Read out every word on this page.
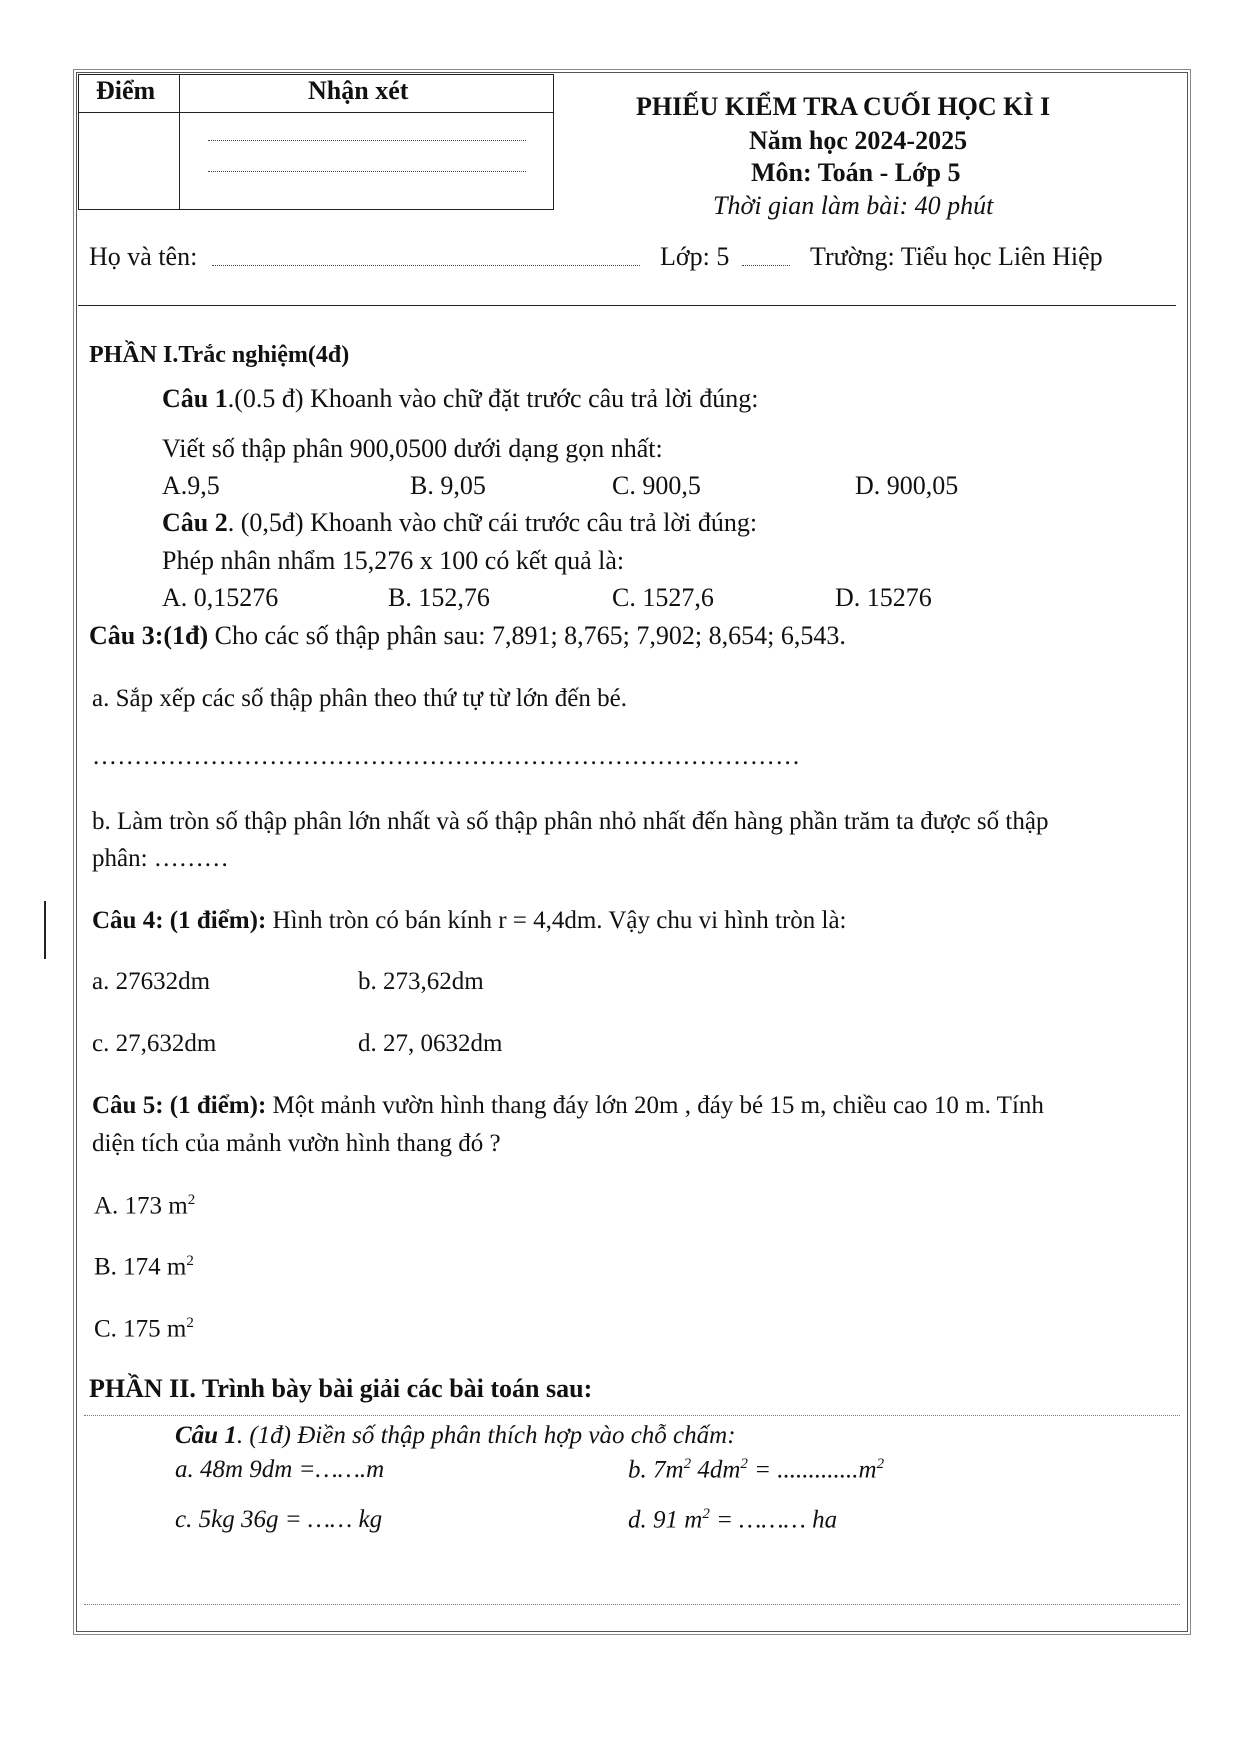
Điểm	Nhận xét
PHIẾU KIỂM TRA CUỐI HỌC KÌ I
Năm học 2024-2025
Môn: Toán - Lớp 5
Thời gian làm bài: 40 phút
Họ và tên:	Lớp: 5	Trường: Tiểu học Liên Hiệp
PHẦN I.Trắc nghiệm(4đ)
Câu 1.(0.5 đ) Khoanh vào chữ đặt trước câu trả lời đúng:
Viết số thập phân 900,0500 dưới dạng gọn nhất:
A.9,5	B. 9,05	C. 900,5	D. 900,05
Câu 2. (0,5đ) Khoanh vào chữ cái trước câu trả lời đúng:
Phép nhân nhẩm 15,276 x 100 có kết quả là:
A. 0,15276	B. 152,76	C. 1527,6	D. 15276
Câu 3:(1đ) Cho các số thập phân sau: 7,891; 8,765; 7,902; 8,654; 6,543.
a. Sắp xếp các số thập phân theo thứ tự từ lớn đến bé.
…………………………………………………………………………
b. Làm tròn số thập phân lớn nhất và số thập phân nhỏ nhất đến hàng phần trăm ta được số thập
phân: ………
Câu 4: (1 điểm): Hình tròn có bán kính r = 4,4dm. Vậy chu vi hình tròn là:
a. 27632dm	b. 273,62dm
c. 27,632dm	d. 27, 0632dm
Câu 5: (1 điểm): Một mảnh vườn hình thang đáy lớn 20m , đáy bé 15 m, chiều cao 10 m. Tính
diện tích của mảnh vườn hình thang đó ?
A. 173 $m^2$
B. 174 $m^2$
C. 175 $m^2$
PHẦN II. Trình bày bài giải các bài toán sau:
Câu 1. (1đ) Điền số thập phân thích hợp vào chỗ chấm:
a. 48m 9dm =…….m	b. $7m^2$ $4dm^2 = .............m^2$
c. 5kg 36g = …… kg	d. 91 $m^2$ = ……… ha
